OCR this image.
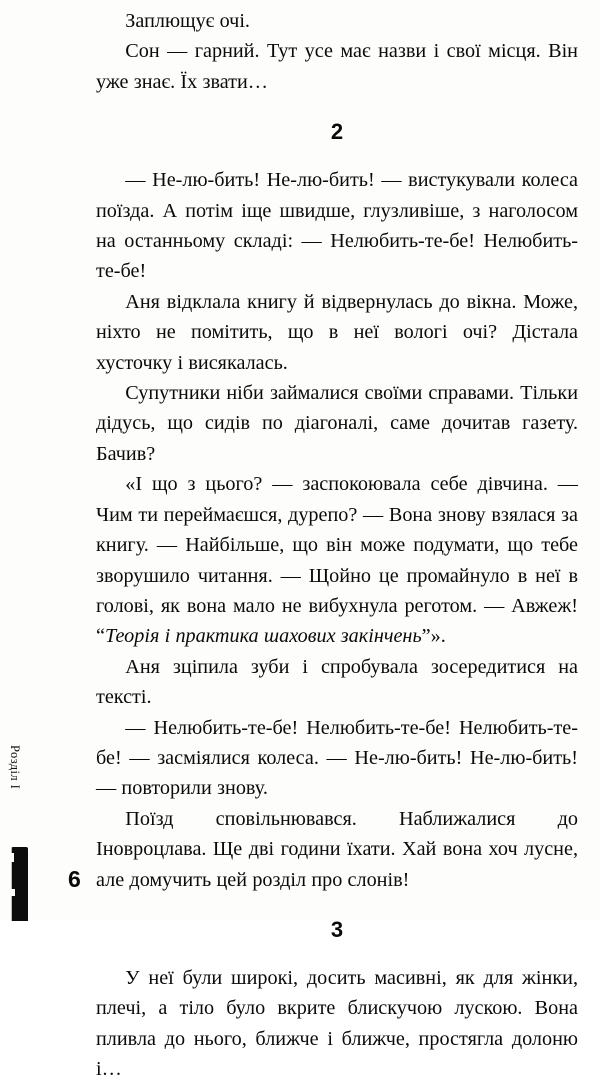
Розділ I
6

Заплющує очі.

Сон — гарний. Тут усе має назви і свої місця. Він уже знає. Їх звати…

2

— Не-лю-бить! Не-лю-бить! — вистукували колеса поїзда. А потім іще швидше, глузливіше, з наголосом на останньому складі: — Нелюбить-те-бе! Нелюбить-те-бе!

Аня відклала книгу й відвернулась до вікна. Може, ніхто не помітить, що в неї вологі очі? Дістала хусточку і висякалась.

Супутники ніби займалися своїми справами. Тільки дідусь, що сидів по діагоналі, саме дочитав газету. Бачив?

«І що з цього? — заспокоювала себе дівчина. — Чим ти переймаєшся, дурепо? — Вона знову взялася за книгу. — Найбільше, що він може подумати, що тебе зворушило читання. — Щойно це промайнуло в неї в голові, як вона мало не вибухнула реготом. — Авжеж! “Теорія і практика шахових закінчень”».

Аня зціпила зуби і спробувала зосередитися на тексті.

— Нелюбить-те-бе! Нелюбить-те-бе! Нелюбить-те-бе! — засміялися колеса. — Не-лю-бить! Не-лю-бить! — повторили знову.

Поїзд сповільнювався. Наближалися до Іновроцлава. Ще дві години їхати. Хай вона хоч лусне, але домучить цей розділ про слонів!

3

У неї були широкі, досить масивні, як для жінки, плечі, а тіло було вкрите блискучою лускою. Вона пливла до нього, ближче і ближче, простягла долоню і…
